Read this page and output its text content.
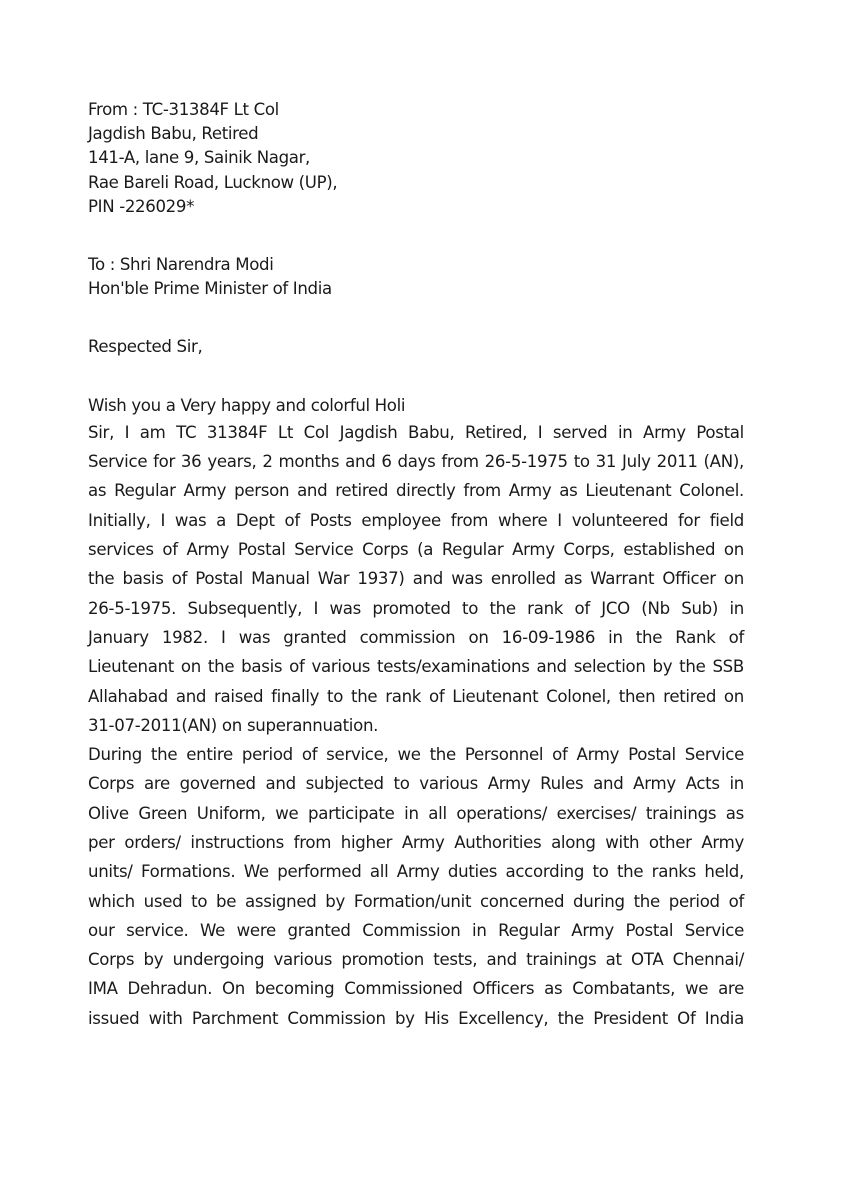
From : TC-31384F Lt Col
Jagdish Babu, Retired
141-A, lane 9, Sainik Nagar,
Rae Bareli Road, Lucknow (UP),
PIN -226029*
To : Shri Narendra Modi
Hon'ble Prime Minister of India
Respected Sir,
Wish you a Very happy and colorful Holi
Sir, I am TC 31384F Lt Col Jagdish Babu, Retired, I served in Army Postal
Service for 36 years, 2 months and 6 days from 26-5-1975 to 31 July 2011 (AN),
as Regular Army person and retired directly from Army as Lieutenant Colonel.
Initially, I was a Dept of Posts employee from where I volunteered for field
services of Army Postal Service Corps (a Regular Army Corps, established on
the basis of Postal Manual War 1937) and was enrolled as Warrant Officer on
26-5-1975. Subsequently, I was promoted to the rank of JCO (Nb Sub) in
January 1982. I was granted commission on 16-09-1986 in the Rank of
Lieutenant on the basis of various tests/examinations and selection by the SSB
Allahabad and raised finally to the rank of Lieutenant Colonel, then retired on
31-07-2011(AN) on superannuation.
During the entire period of service, we the Personnel of Army Postal Service
Corps are governed and subjected to various Army Rules and Army Acts in
Olive Green Uniform, we participate in all operations/ exercises/ trainings as
per orders/ instructions from higher Army Authorities along with other Army
units/ Formations. We performed all Army duties according to the ranks held,
which used to be assigned by Formation/unit concerned during the period of
our service. We were granted Commission in Regular Army Postal Service
Corps by undergoing various promotion tests, and trainings at OTA Chennai/
IMA Dehradun. On becoming Commissioned Officers as Combatants, we are
issued with Parchment Commission by His Excellency, the President Of India
